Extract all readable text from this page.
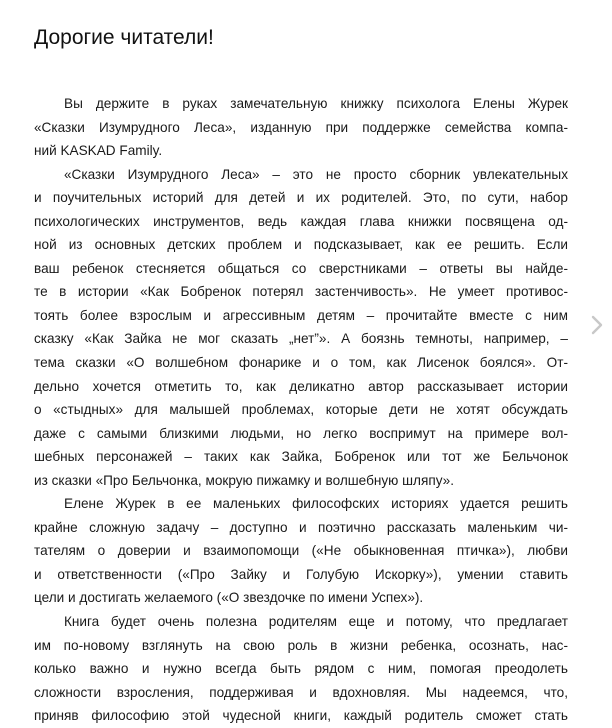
Дорогие читатели!
Вы держите в руках замечательную книжку психолога Елены Журек
«Сказки Изумрудного Леса», изданную при поддержке семейства компа-
ний KASKAD Family.
«Сказки Изумрудного Леса» – это не просто сборник увлекательных
и поучительных историй для детей и их родителей. Это, по сути, набор
психологических инструментов, ведь каждая глава книжки посвящена од-
ной из основных детских проблем и подсказывает, как ее решить. Если
ваш ребенок стесняется общаться со сверстниками – ответы вы найде-
те в истории «Как Бобренок потерял застенчивость». Не умеет противос-
тоять более взрослым и агрессивным детям – прочитайте вместе с ним
сказку «Как Зайка не мог сказать „нет”». А боязнь темноты, например, –
тема сказки «О волшебном фонарике и о том, как Лисенок боялся». От-
дельно хочется отметить то, как деликатно автор рассказывает истории
о «стыдных» для малышей проблемах, которые дети не хотят обсуждать
даже с самыми близкими людьми, но легко воспримут на примере вол-
шебных персонажей – таких как Зайка, Бобренок или тот же Бельчонок
из сказки «Про Бельчонка, мокрую пижамку и волшебную шляпу».
Елене Журек в ее маленьких философских историях удается решить
крайне сложную задачу – доступно и поэтично рассказать маленьким чи-
тателям о доверии и взаимопомощи («Не обыкновенная птичка»), любви
и ответственности («Про Зайку и Голубую Искорку»), умении ставить
цели и достигать желаемого («О звездочке по имени Успех»).
Книга будет очень полезна родителям еще и потому, что предлагает
им по-новому взглянуть на свою роль в жизни ребенка, осознать, нас-
колько важно и нужно всегда быть рядом с ним, помогая преодолеть
сложности взросления, поддерживая и вдохновляя. Мы надеемся, что,
приняв философию этой чудесной книги, каждый родитель сможет стать
